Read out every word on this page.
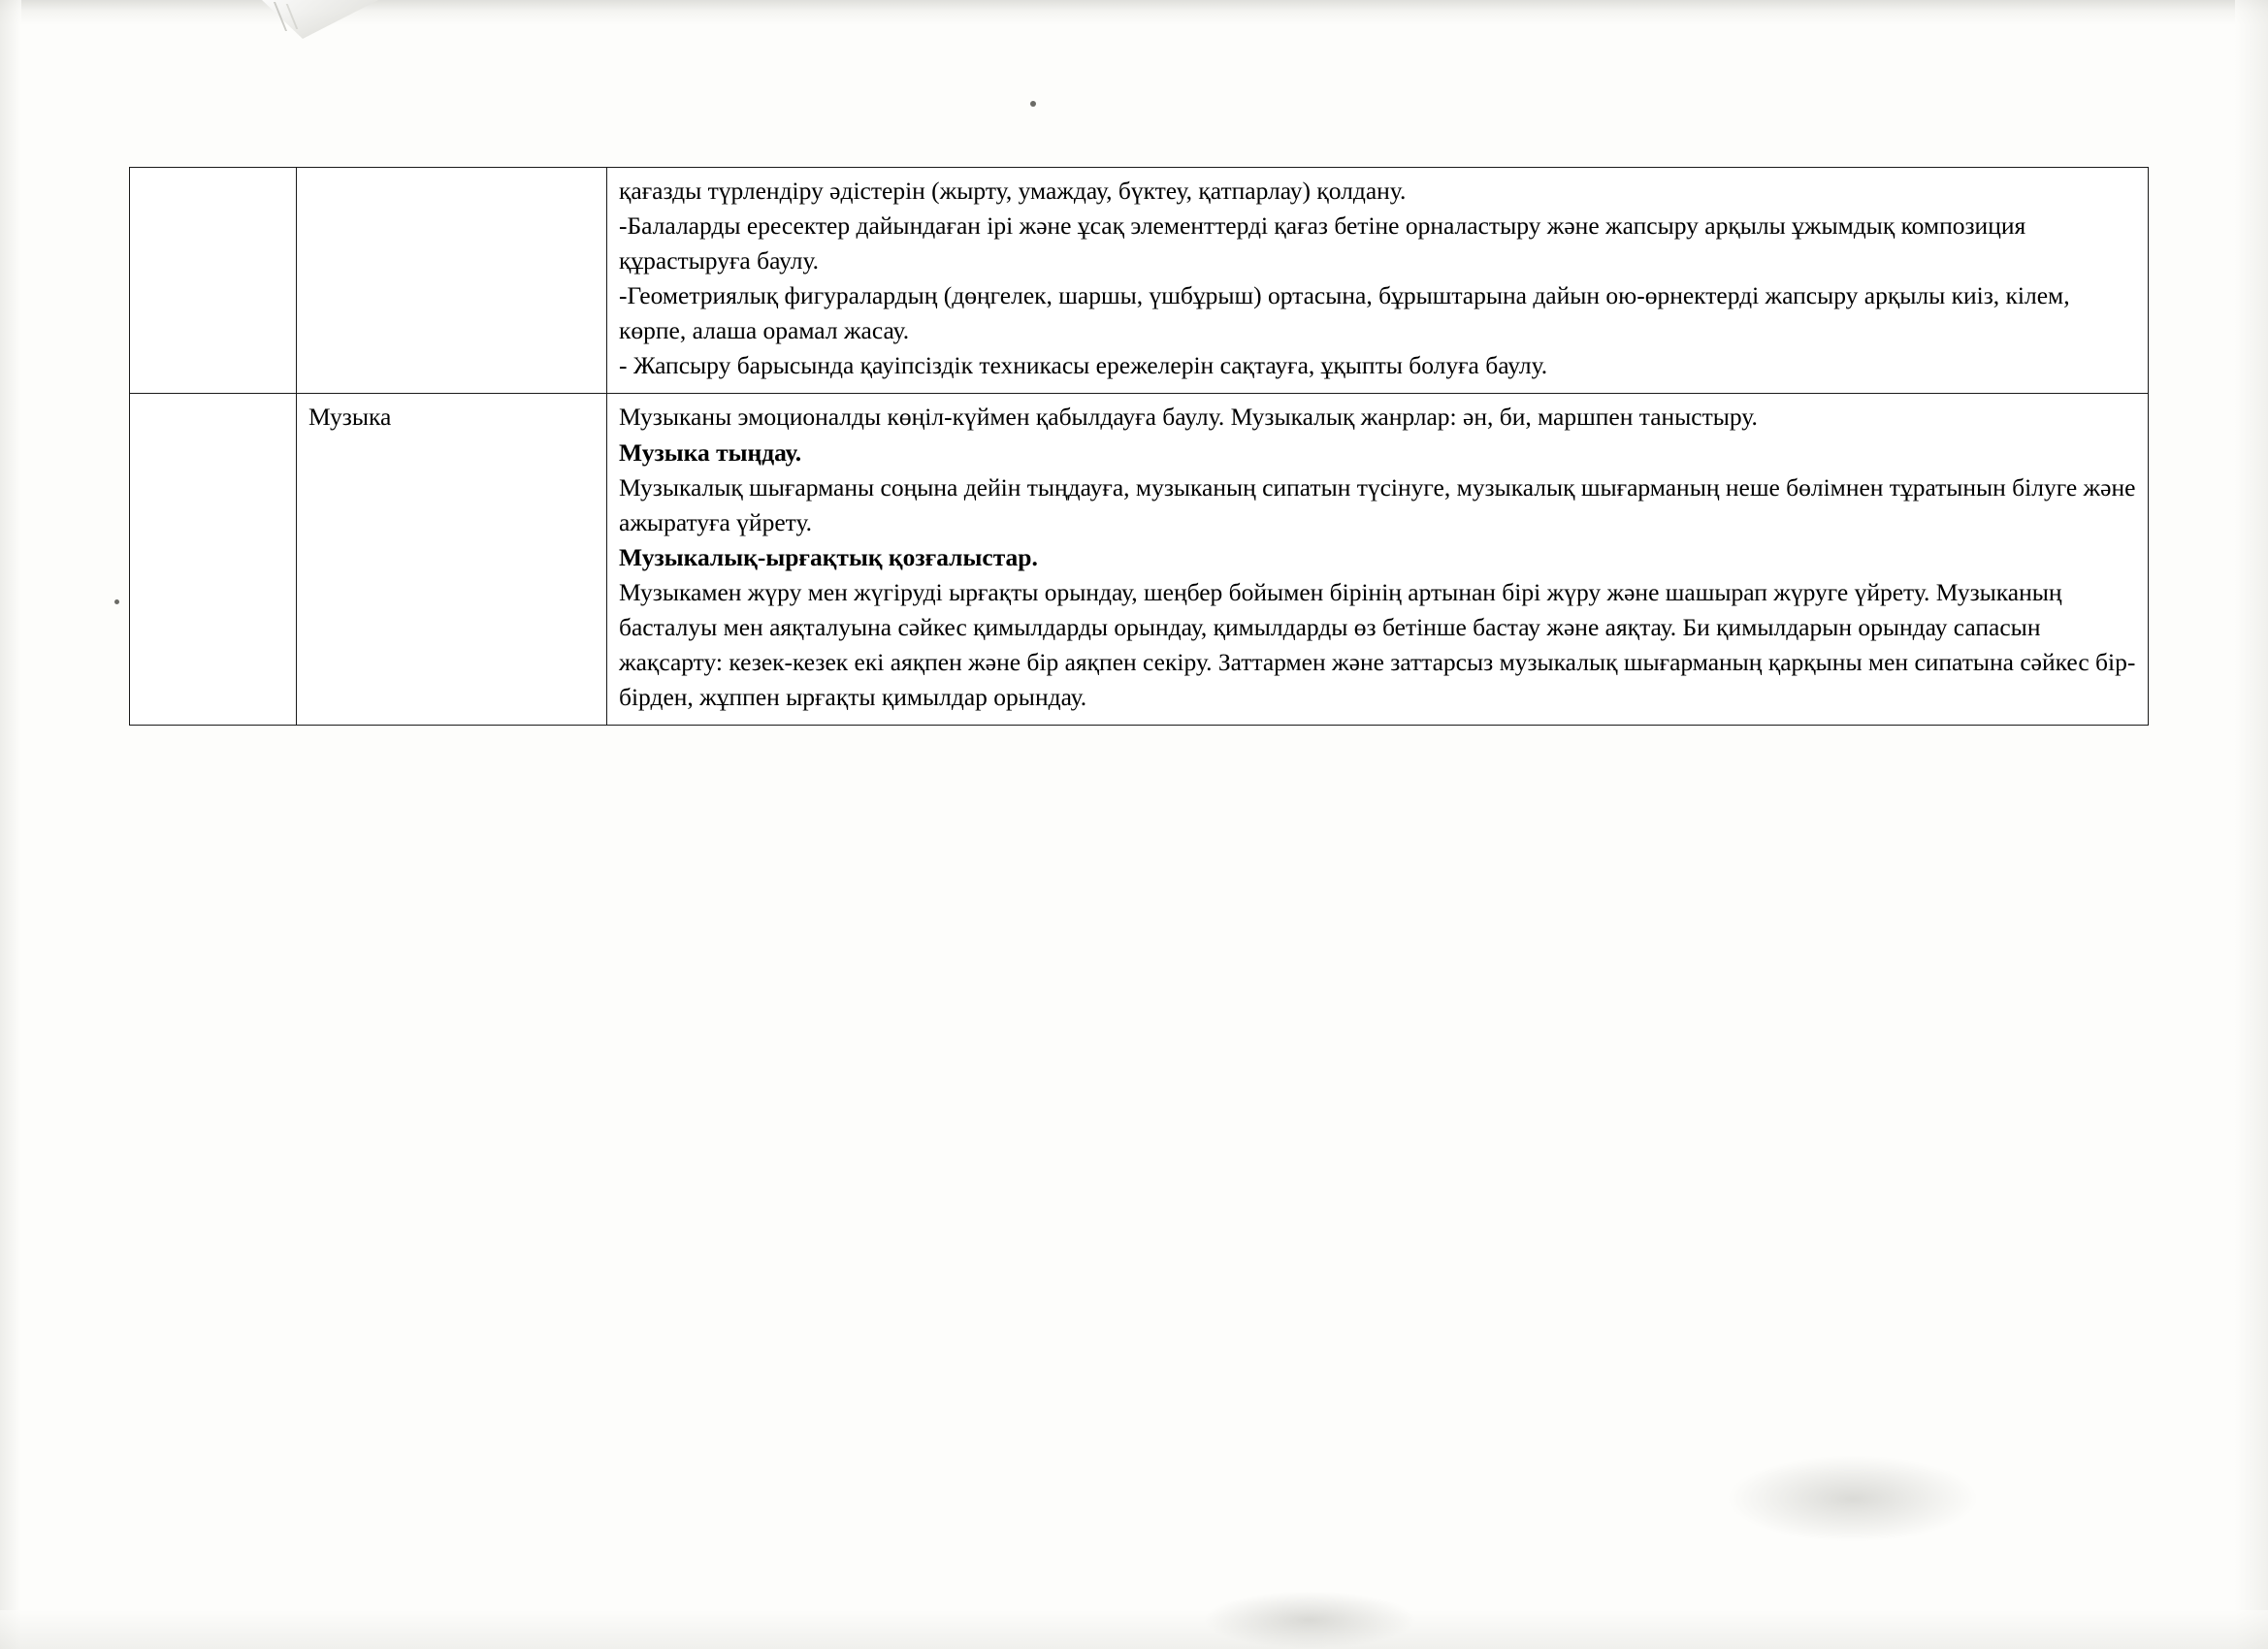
		қағазды түрлендіру әдістерін (жырту, умаждау, бүктеу, қатпарлау) қолдану.

-Балаларды ересектер дайындаған ірі және ұсақ элементтерді қағаз бетіне орналастыру және жапсыру арқылы ұжымдық композиция құрастыруға баулу.

-Геометриялық фигуралардың (дөңгелек, шаршы, үшбұрыш) ортасына, бұрыштарына дайын ою-өрнектерді жапсыру арқылы киіз, кілем, көрпе, алаша орамал жасау.

- Жапсыру барысында қауіпсіздік техникасы ережелерін сақтауға, ұқыпты болуға баулу.

	Музыка	Музыканы эмоционалды көңіл-күймен қабылдауға баулу. Музыкалық жанрлар: ән, би, маршпен таныстыру.

Музыка тыңдау.

Музыкалық шығарманы соңына дейін тыңдауға, музыканың сипатын түсінуге, музыкалық шығарманың неше бөлімнен тұратынын білуге және ажыратуға үйрету.

Музыкалық-ырғақтық қозғалыстар.

Музыкамен жүру мен жүгіруді ырғақты орындау, шеңбер бойымен бірінің артынан бірі жүру және шашырап жүруге үйрету. Музыканың басталуы мен аяқталуына сәйкес қимылдарды орындау, қимылдарды өз бетінше бастау және аяқтау. Би қимылдарын орындау сапасын жақсарту: кезек-кезек екі аяқпен және бір аяқпен секіру. Заттармен және заттарсыз музыкалық шығарманың қарқыны мен сипатына сәйкес бір-бірден, жұппен ырғақты қимылдар орындау.
